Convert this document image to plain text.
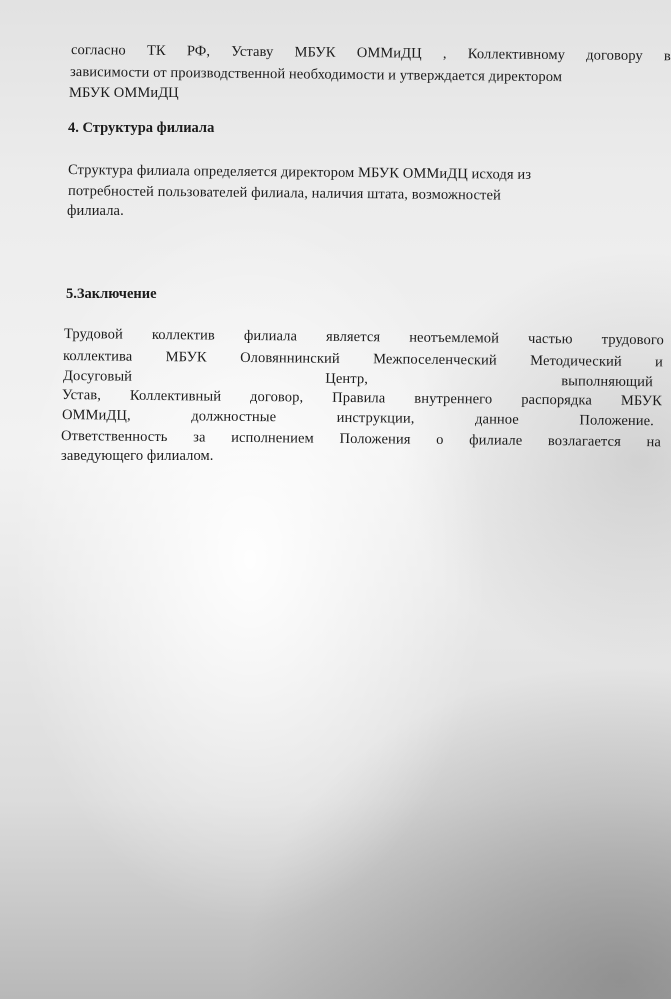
согласно ТК РФ, Уставу МБУК ОММиДЦ , Коллективному договору в
зависимости от производственной необходимости и утверждается директором
МБУК ОММиДЦ
4. Структура филиала
Структура филиала определяется директором МБУК ОММиДЦ исходя из
потребностей пользователей филиала, наличия штата, возможностей
филиала.
5.Заключение
Трудовой коллектив филиала является неотъемлемой частью трудового
коллектива МБУК Оловяннинский Межпоселенческий Методический и
Досуговый	Центр,	выполняющий
Устав, Коллективный договор, Правила внутреннего распорядка МБУК
ОММиДЦ,	должностные	инструкции,	данное	Положение.
Ответственность за исполнением Положения о филиале возлагается на
заведующего филиалом.
